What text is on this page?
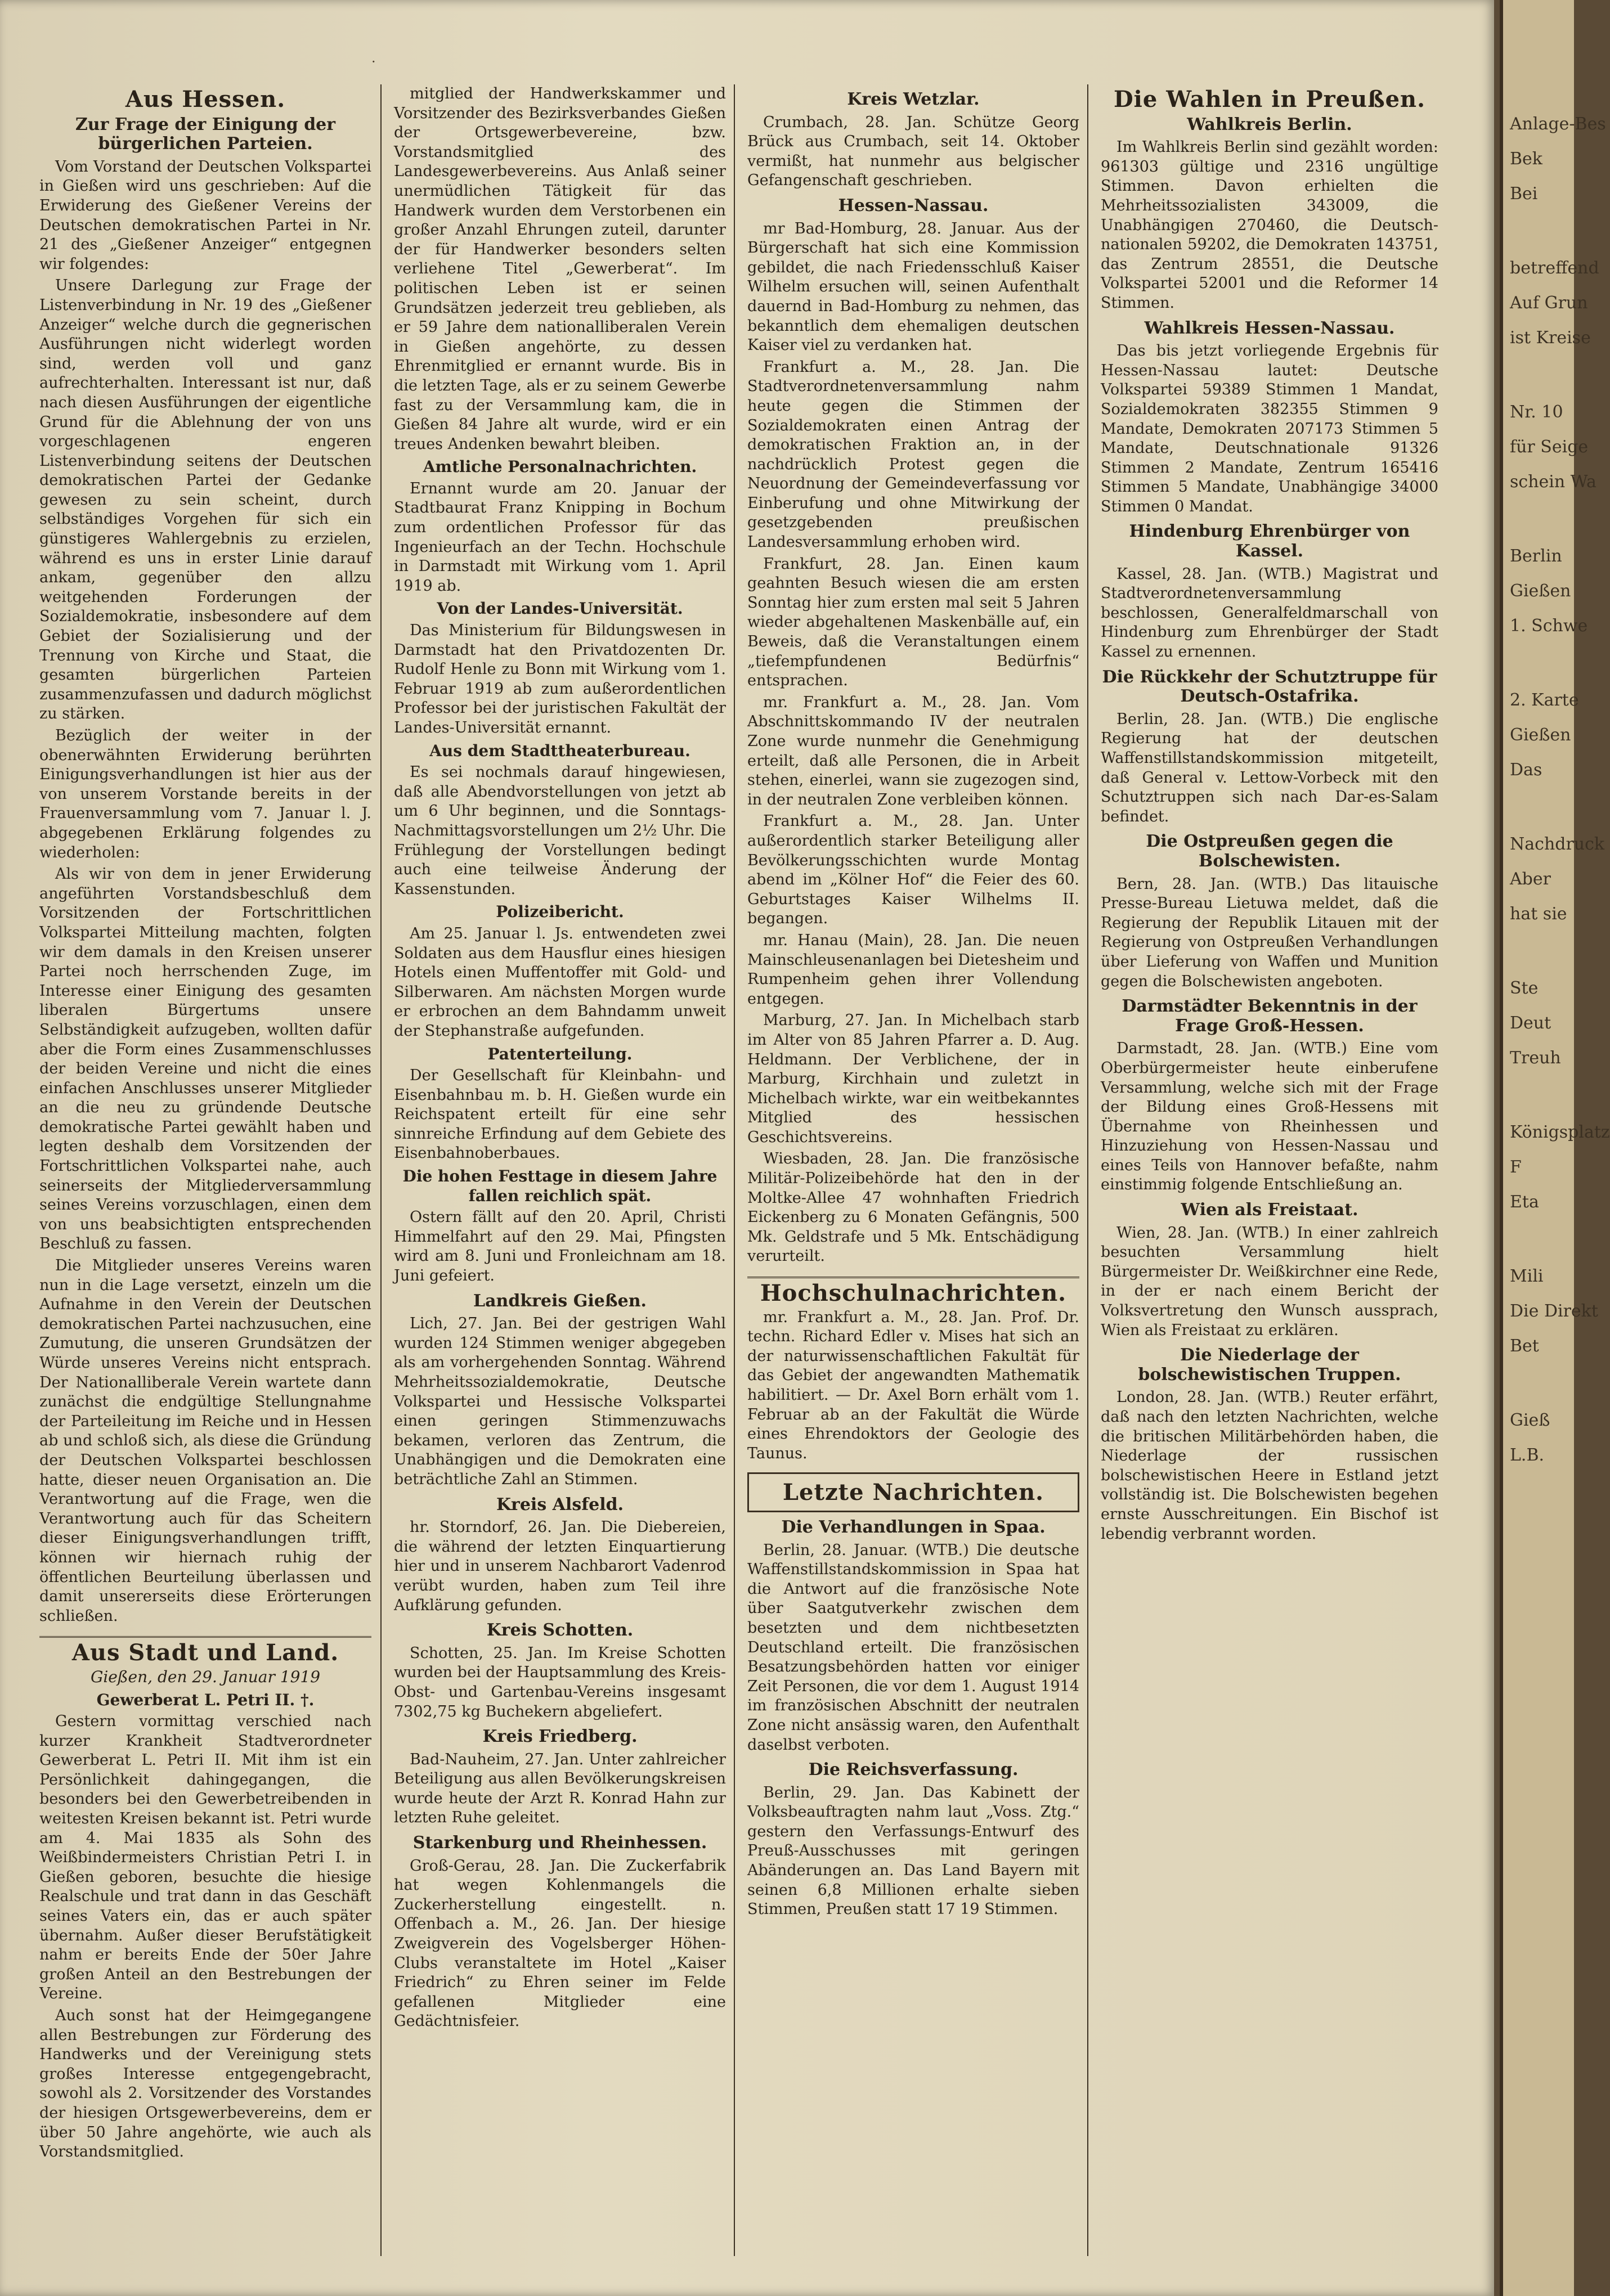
·
Aus Hessen.
Zur Frage der Einigung der bürgerlichen Parteien.

Vom Vorstand der Deutschen Volkspartei in Gießen wird uns geschrieben: Auf die Erwiderung des Gießener Vereins der Deutschen demokratischen Partei in Nr. 21 des „Gießener Anzeiger“ entgegnen wir folgendes:

Unsere Darlegung zur Frage der Listenverbindung in Nr. 19 des „Gießener Anzeiger“ welche durch die gegnerischen Ausführungen nicht widerlegt worden sind, werden voll und ganz aufrechterhalten. Interessant ist nur, daß nach diesen Ausführungen der eigentliche Grund für die Ablehnung der von uns vorgeschlagenen engeren Listenverbindung seitens der Deutschen demokratischen Partei der Gedanke gewesen zu sein scheint, durch selbständiges Vorgehen für sich ein günstigeres Wahlergebnis zu erzielen, während es uns in erster Linie darauf ankam, gegenüber den allzu weitgehenden Forderungen der Sozialdemokratie, insbesondere auf dem Gebiet der Sozialisierung und der Trennung von Kirche und Staat, die gesamten bürgerlichen Parteien zusammenzufassen und dadurch möglichst zu stärken.

Bezüglich der weiter in der obenerwähnten Erwiderung berührten Einigungsverhandlungen ist hier aus der von unserem Vorstande bereits in der Frauenversammlung vom 7. Januar l. J. abgegebenen Erklärung folgendes zu wiederholen:

Als wir von dem in jener Erwiderung angeführten Vorstandsbeschluß dem Vorsitzenden der Fortschrittlichen Volkspartei Mitteilung machten, folgten wir dem damals in den Kreisen unserer Partei noch herrschenden Zuge, im Interesse einer Einigung des gesamten liberalen Bürgertums unsere Selbständigkeit aufzugeben, wollten dafür aber die Form eines Zusammenschlusses der beiden Vereine und nicht die eines einfachen Anschlusses unserer Mitglieder an die neu zu gründende Deutsche demokratische Partei gewählt haben und legten deshalb dem Vorsitzenden der Fortschrittlichen Volkspartei nahe, auch seinerseits der Mitgliederversammlung seines Vereins vorzuschlagen, einen dem von uns beabsichtigten entsprechenden Beschluß zu fassen.

Die Mitglieder unseres Vereins waren nun in die Lage versetzt, einzeln um die Aufnahme in den Verein der Deutschen demokratischen Partei nachzusuchen, eine Zumutung, die unseren Grundsätzen der Würde unseres Vereins nicht entsprach. Der Nationalliberale Verein wartete dann zunächst die endgültige Stellungnahme der Parteileitung im Reiche und in Hessen ab und schloß sich, als diese die Gründung der Deutschen Volkspartei beschlossen hatte, dieser neuen Organisation an. Die Verantwortung auf die Frage, wen die Verantwortung auch für das Scheitern dieser Einigungsverhandlungen trifft, können wir hiernach ruhig der öffentlichen Beurteilung überlassen und damit unsererseits diese Erörterungen schließen.

Aus Stadt und Land.
Gießen, den 29. Januar 1919
Gewerberat L. Petri II. †.

Gestern vormittag verschied nach kurzer Krankheit Stadtverordneter Gewerberat L. Petri II. Mit ihm ist ein Persönlichkeit dahingegangen, die besonders bei den Gewerbetreibenden in weitesten Kreisen bekannt ist. Petri wurde am 4. Mai 1835 als Sohn des Weißbindermeisters Christian Petri I. in Gießen geboren, besuchte die hiesige Realschule und trat dann in das Geschäft seines Vaters ein, das er auch später übernahm. Außer dieser Berufstätigkeit nahm er bereits Ende der 50er Jahre großen Anteil an den Bestrebungen der Vereine.

Auch sonst hat der Heimgegangene allen Bestrebungen zur Förderung des Handwerks und der Vereinigung stets großes Interesse entgegengebracht, sowohl als 2. Vorsitzender des Vorstandes der hiesigen Ortsgewerbevereins, dem er über 50 Jahre angehörte, wie auch als Vorstandsmitglied.

mitglied der Handwerkskammer und Vorsitzender des Bezirksverbandes Gießen der Ortsgewerbevereine, bzw. Vorstandsmitglied des Landesgewerbevereins. Aus Anlaß seiner unermüdlichen Tätigkeit für das Handwerk wurden dem Verstorbenen ein großer Anzahl Ehrungen zuteil, darunter der für Handwerker besonders selten verliehene Titel „Gewerberat“. Im politischen Leben ist er seinen Grundsätzen jederzeit treu geblieben, als er 59 Jahre dem nationalliberalen Verein in Gießen angehörte, zu dessen Ehrenmitglied er ernannt wurde. Bis in die letzten Tage, als er zu seinem Gewerbe fast zu der Versammlung kam, die in Gießen 84 Jahre alt wurde, wird er ein treues Andenken bewahrt bleiben.

Amtliche Personalnachrichten.

Ernannt wurde am 20. Januar der Stadtbaurat Franz Knipping in Bochum zum ordentlichen Professor für das Ingenieurfach an der Techn. Hochschule in Darmstadt mit Wirkung vom 1. April 1919 ab.

Von der Landes-Universität.

Das Ministerium für Bildungswesen in Darmstadt hat den Privatdozenten Dr. Rudolf Henle zu Bonn mit Wirkung vom 1. Februar 1919 ab zum außerordentlichen Professor bei der juristischen Fakultät der Landes-Universität ernannt.

Aus dem Stadttheaterbureau.

Es sei nochmals darauf hingewiesen, daß alle Abendvorstellungen von jetzt ab um 6 Uhr beginnen, und die Sonntags-Nachmittagsvorstellungen um 2½ Uhr. Die Frühlegung der Vorstellungen bedingt auch eine teilweise Änderung der Kassenstunden.

Polizeibericht.

Am 25. Januar l. Js. entwendeten zwei Soldaten aus dem Hausflur eines hiesigen Hotels einen Muffentoffer mit Gold- und Silberwaren. Am nächsten Morgen wurde er erbrochen an dem Bahndamm unweit der Stephanstraße aufgefunden.

Patenterteilung.

Der Gesellschaft für Kleinbahn- und Eisenbahnbau m. b. H. Gießen wurde ein Reichspatent erteilt für eine sehr sinnreiche Erfindung auf dem Gebiete des Eisenbahnoberbaues.

Die hohen Festtage in diesem Jahre fallen reichlich spät.

Ostern fällt auf den 20. April, Christi Himmelfahrt auf den 29. Mai, Pfingsten wird am 8. Juni und Fronleichnam am 18. Juni gefeiert.

Landkreis Gießen.

Lich, 27. Jan. Bei der gestrigen Wahl wurden 124 Stimmen weniger abgegeben als am vorhergehenden Sonntag. Während Mehrheitssozialdemokratie, Deutsche Volkspartei und Hessische Volkspartei einen geringen Stimmenzuwachs bekamen, verloren das Zentrum, die Unabhängigen und die Demokraten eine beträchtliche Zahl an Stimmen.

Kreis Alsfeld.

hr. Storndorf, 26. Jan. Die Diebereien, die während der letzten Einquartierung hier und in unserem Nachbarort Vadenrod verübt wurden, haben zum Teil ihre Aufklärung gefunden.

Kreis Schotten.

Schotten, 25. Jan. Im Kreise Schotten wurden bei der Hauptsammlung des Kreis-Obst- und Gartenbau-Vereins insgesamt 7302,75 kg Buchekern abgeliefert.

Kreis Friedberg.

Bad-Nauheim, 27. Jan. Unter zahlreicher Beteiligung aus allen Bevölkerungskreisen wurde heute der Arzt R. Konrad Hahn zur letzten Ruhe geleitet.

Starkenburg und Rheinhessen.

Groß-Gerau, 28. Jan. Die Zuckerfabrik hat wegen Kohlenmangels die Zuckerherstellung eingestellt. n. Offenbach a. M., 26. Jan. Der hiesige Zweigverein des Vogelsberger Höhen-Clubs veranstaltete im Hotel „Kaiser Friedrich“ zu Ehren seiner im Felde gefallenen Mitglieder eine Gedächtnisfeier.

Kreis Wetzlar.

Crumbach, 28. Jan. Schütze Georg Brück aus Crumbach, seit 14. Oktober vermißt, hat nunmehr aus belgischer Gefangenschaft geschrieben.

Hessen-Nassau.

mr Bad-Homburg, 28. Januar. Aus der Bürgerschaft hat sich eine Kommission gebildet, die nach Friedensschluß Kaiser Wilhelm ersuchen will, seinen Aufenthalt dauernd in Bad-Homburg zu nehmen, das bekanntlich dem ehemaligen deutschen Kaiser viel zu verdanken hat.

Frankfurt a. M., 28. Jan. Die Stadtverordnetenversammlung nahm heute gegen die Stimmen der Sozialdemokraten einen Antrag der demokratischen Fraktion an, in der nachdrücklich Protest gegen die Neuordnung der Gemeindeverfassung vor Einberufung und ohne Mitwirkung der gesetzgebenden preußischen Landesversammlung erhoben wird.

Frankfurt, 28. Jan. Einen kaum geahnten Besuch wiesen die am ersten Sonntag hier zum ersten mal seit 5 Jahren wieder abgehaltenen Maskenbälle auf, ein Beweis, daß die Veranstaltungen einem „tiefempfundenen Bedürfnis“ entsprachen.

mr. Frankfurt a. M., 28. Jan. Vom Abschnittskommando IV der neutralen Zone wurde nunmehr die Genehmigung erteilt, daß alle Personen, die in Arbeit stehen, einerlei, wann sie zugezogen sind, in der neutralen Zone verbleiben können.

Frankfurt a. M., 28. Jan. Unter außerordentlich starker Beteiligung aller Bevölkerungsschichten wurde Montag abend im „Kölner Hof“ die Feier des 60. Geburtstages Kaiser Wilhelms II. begangen.

mr. Hanau (Main), 28. Jan. Die neuen Mainschleusenanlagen bei Dietesheim und Rumpenheim gehen ihrer Vollendung entgegen.

Marburg, 27. Jan. In Michelbach starb im Alter von 85 Jahren Pfarrer a. D. Aug. Heldmann. Der Verblichene, der in Marburg, Kirchhain und zuletzt in Michelbach wirkte, war ein weitbekanntes Mitglied des hessischen Geschichtsvereins.

Wiesbaden, 28. Jan. Die französische Militär-Polizeibehörde hat den in der Moltke-Allee 47 wohnhaften Friedrich Eickenberg zu 6 Monaten Gefängnis, 500 Mk. Geldstrafe und 5 Mk. Entschädigung verurteilt.

Hochschulnachrichten.

mr. Frankfurt a. M., 28. Jan. Prof. Dr. techn. Richard Edler v. Mises hat sich an der naturwissenschaftlichen Fakultät für das Gebiet der angewandten Mathematik habilitiert. — Dr. Axel Born erhält vom 1. Februar ab an der Fakultät die Würde eines Ehrendoktors der Geologie des Taunus.

Letzte Nachrichten.
Die Verhandlungen in Spaa.

Berlin, 28. Januar. (WTB.) Die deutsche Waffenstillstandskommission in Spaa hat die Antwort auf die französische Note über Saatgutverkehr zwischen dem besetzten und dem nichtbesetzten Deutschland erteilt. Die französischen Besatzungsbehörden hatten vor einiger Zeit Personen, die vor dem 1. August 1914 im französischen Abschnitt der neutralen Zone nicht ansässig waren, den Aufenthalt daselbst verboten.

Die Reichsverfassung.

Berlin, 29. Jan. Das Kabinett der Volksbeauftragten nahm laut „Voss. Ztg.“ gestern den Verfassungs-Entwurf des Preuß-Ausschusses mit geringen Abänderungen an. Das Land Bayern mit seinen 6,8 Millionen erhalte sieben Stimmen, Preußen statt 17 19 Stimmen.

Die Wahlen in Preußen.
Wahlkreis Berlin.

Im Wahlkreis Berlin sind gezählt worden: 961303 gültige und 2316 ungültige Stimmen. Davon erhielten die Mehrheitssozialisten 343009, die Unabhängigen 270460, die Deutsch-nationalen 59202, die Demokraten 143751, das Zentrum 28551, die Deutsche Volkspartei 52001 und die Reformer 14 Stimmen.

Wahlkreis Hessen-Nassau.

Das bis jetzt vorliegende Ergebnis für Hessen-Nassau lautet: Deutsche Volkspartei 59389 Stimmen 1 Mandat, Sozialdemokraten 382355 Stimmen 9 Mandate, Demokraten 207173 Stimmen 5 Mandate, Deutschnationale 91326 Stimmen 2 Mandate, Zentrum 165416 Stimmen 5 Mandate, Unabhängige 34000 Stimmen 0 Mandat.

Hindenburg Ehrenbürger von Kassel.

Kassel, 28. Jan. (WTB.) Magistrat und Stadtverordnetenversammlung beschlossen, Generalfeldmarschall von Hindenburg zum Ehrenbürger der Stadt Kassel zu ernennen.

Die Rückkehr der Schutztruppe für Deutsch-Ostafrika.

Berlin, 28. Jan. (WTB.) Die englische Regierung hat der deutschen Waffenstillstandskommission mitgeteilt, daß General v. Lettow-Vorbeck mit den Schutztruppen sich nach Dar-es-Salam befindet.

Die Ostpreußen gegen die Bolschewisten.

Bern, 28. Jan. (WTB.) Das litauische Presse-Bureau Lietuwa meldet, daß die Regierung der Republik Litauen mit der Regierung von Ostpreußen Verhandlungen über Lieferung von Waffen und Munition gegen die Bolschewisten angeboten.

Darmstädter Bekenntnis in der Frage Groß-Hessen.

Darmstadt, 28. Jan. (WTB.) Eine vom Oberbürgermeister heute einberufene Versammlung, welche sich mit der Frage der Bildung eines Groß-Hessens mit Übernahme von Rheinhessen und Hinzuziehung von Hessen-Nassau und eines Teils von Hannover befaßte, nahm einstimmig folgende Entschließung an.

Wien als Freistaat.

Wien, 28. Jan. (WTB.) In einer zahlreich besuchten Versammlung hielt Bürgermeister Dr. Weißkirchner eine Rede, in der er nach einem Bericht der Volksvertretung den Wunsch aussprach, Wien als Freistaat zu erklären.

Die Niederlage der bolschewistischen Truppen.

London, 28. Jan. (WTB.) Reuter erfährt, daß nach den letzten Nachrichten, welche die britischen Militärbehörden haben, die Niederlage der russischen bolschewistischen Heere in Estland jetzt vollständig ist. Die Bolschewisten begehen ernste Ausschreitungen. Ein Bischof ist lebendig verbrannt worden.

Anlage-Bes
Bek
Bei
betreffend
Auf Grun
ist Kreise
Nr. 10
für Seige
schein Wa
Berlin
Gießen
1. Schwe
2. Karte
Gießen
Das
Nachdruck
Aber
hat sie
Ste
Deut
Treuh
Königsplatz
F
Eta
Mili
Die Direkt
Bet
Gieß
L.B.
